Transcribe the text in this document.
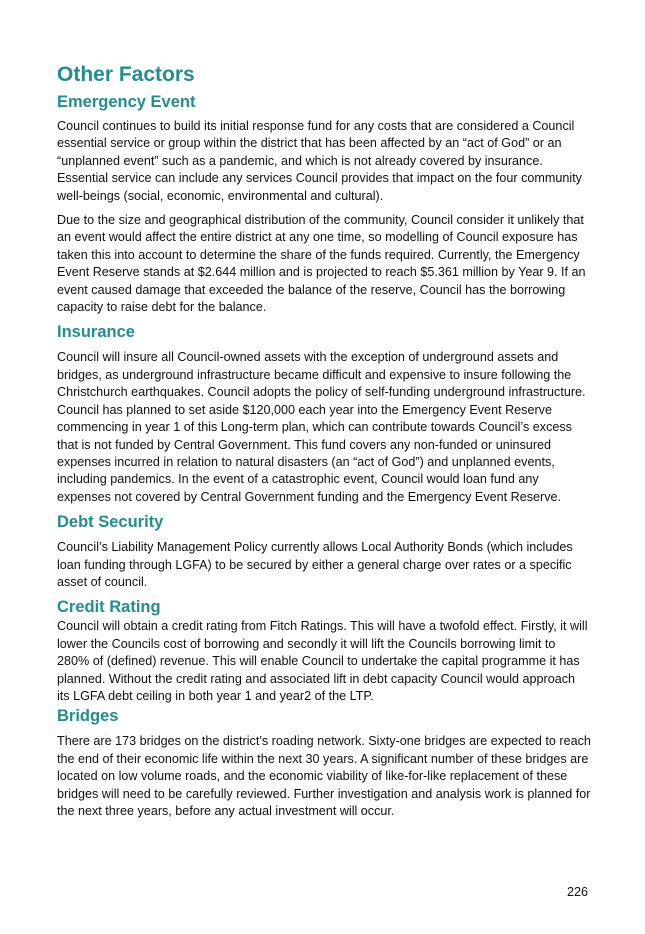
Other Factors
Emergency Event

Council continues to build its initial response fund for any costs that are considered a Council essential service or group within the district that has been affected by an “act of God” or an “unplanned event” such as a pandemic, and which is not already covered by insurance. Essential service can include any services Council provides that impact on the four community well-beings (social, economic, environmental and cultural).

Due to the size and geographical distribution of the community, Council consider it unlikely that an event would affect the entire district at any one time, so modelling of Council exposure has taken this into account to determine the share of the funds required. Currently, the Emergency Event Reserve stands at $2.644 million and is projected to reach $5.361 million by Year 9. If an event caused damage that exceeded the balance of the reserve, Council has the borrowing capacity to raise debt for the balance.

Insurance

Council will insure all Council-owned assets with the exception of underground assets and bridges, as underground infrastructure became difficult and expensive to insure following the Christchurch earthquakes. Council adopts the policy of self-funding underground infrastructure. Council has planned to set aside $120,000 each year into the Emergency Event Reserve commencing in year 1 of this Long-term plan, which can contribute towards Council’s excess that is not funded by Central Government. This fund covers any non-funded or uninsured expenses incurred in relation to natural disasters (an “act of God”) and unplanned events, including pandemics. In the event of a catastrophic event, Council would loan fund any expenses not covered by Central Government funding and the Emergency Event Reserve.

Debt Security

Council’s Liability Management Policy currently allows Local Authority Bonds (which includes loan funding through LGFA) to be secured by either a general charge over rates or a specific asset of council.

Credit Rating

Council will obtain a credit rating from Fitch Ratings. This will have a twofold effect. Firstly, it will lower the Councils cost of borrowing and secondly it will lift the Councils borrowing limit to 280% of (defined) revenue. This will enable Council to undertake the capital programme it has planned. Without the credit rating and associated lift in debt capacity Council would approach its LGFA debt ceiling in both year 1 and year2 of the LTP.

Bridges

There are 173 bridges on the district’s roading network. Sixty-one bridges are expected to reach the end of their economic life within the next 30 years. A significant number of these bridges are located on low volume roads, and the economic viability of like-for-like replacement of these bridges will need to be carefully reviewed. Further investigation and analysis work is planned for the next three years, before any actual investment will occur.

226
